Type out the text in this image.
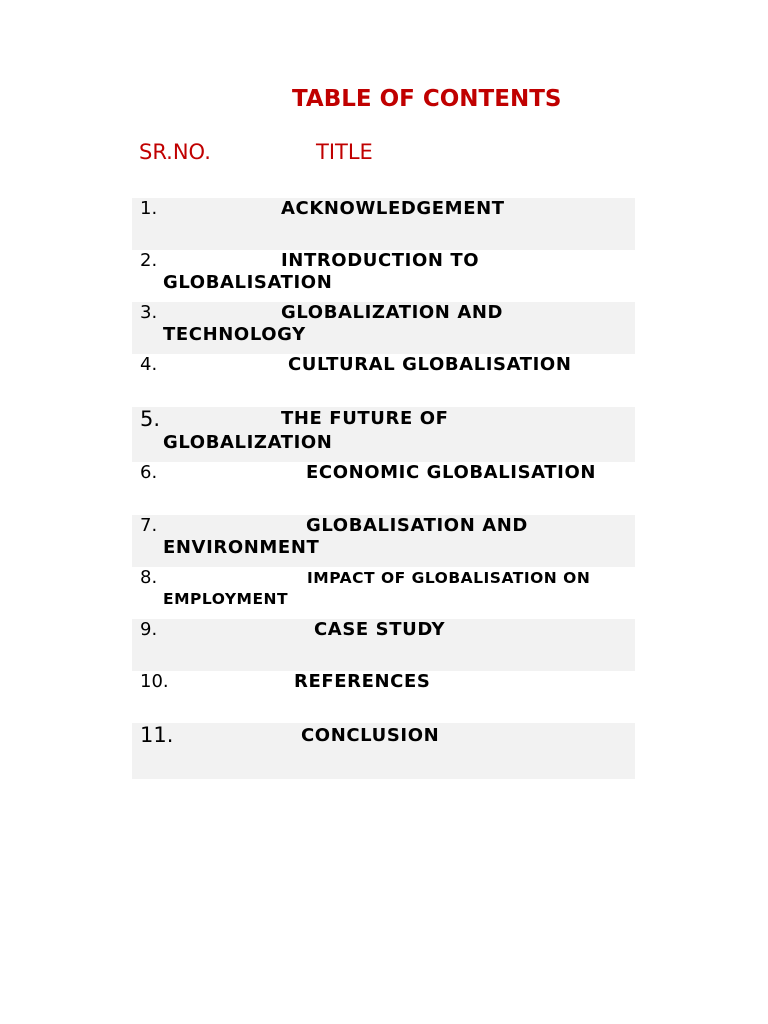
TABLE OF CONTENTS
SR.NO.	TITLE
1.	ACKNOWLEDGEMENT
2.	INTRODUCTION TO
GLOBALISATION
3.	GLOBALIZATION AND
TECHNOLOGY
4.	CULTURAL GLOBALISATION
5.	THE FUTURE OF
GLOBALIZATION
6.	ECONOMIC GLOBALISATION
7.	GLOBALISATION AND
ENVIRONMENT
8.	IMPACT OF GLOBALISATION ON
EMPLOYMENT
9.	CASE STUDY
10.	REFERENCES
11.	CONCLUSION
